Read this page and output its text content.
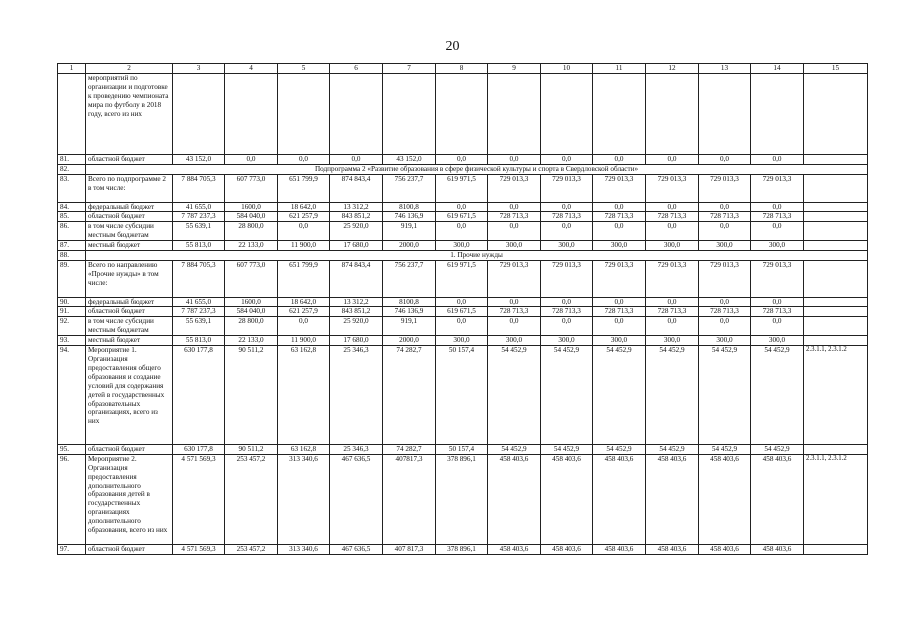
20
1	2	3	4	5	6	7	8	9	10	11	12	13	14	15
	мероприятий по организации и подготовке к проведению чемпионата мира по футболу в 2018 году, всего из них													
81.	областной бюджет	43 152,0	0,0	0,0	0,0	43 152,0	0,0	0,0	0,0	0,0	0,0	0,0	0,0	
82.	Подпрограмма 2 «Развитие образования в сфере физической культуры и спорта в Свердловской области»													
83.	Всего по подпрограмме 2 в том числе:	7 884 705,3	607 773,0	651 799,9	874 843,4	756 237,7	619 971,5	729 013,3	729 013,3	729 013,3	729 013,3	729 013,3	729 013,3	
84.	федеральный бюджет	41 655,0	1600,0	18 642,0	13 312,2	8100,8	0,0	0,0	0,0	0,0	0,0	0,0	0,0	
85.	областной бюджет	7 787 237,3	584 040,0	621 257,9	843 851,2	746 136,9	619 671,5	728 713,3	728 713,3	728 713,3	728 713,3	728 713,3	728 713,3	
86.	в том числе субсидии местным бюджетам	55 639,1	28 800,0	0,0	25 920,0	919,1	0,0	0,0	0,0	0,0	0,0	0,0	0,0	
87.	местный бюджет	55 813,0	22 133,0	11 900,0	17 680,0	2000,0	300,0	300,0	300,0	300,0	300,0	300,0	300,0	
88.	1. Прочие нужды													
89.	Всего по направлению «Прочие нужды» в том числе:	7 884 705,3	607 773,0	651 799,9	874 843,4	756 237,7	619 971,5	729 013,3	729 013,3	729 013,3	729 013,3	729 013,3	729 013,3	
90.	федеральный бюджет	41 655,0	1600,0	18 642,0	13 312,2	8100,8	0,0	0,0	0,0	0,0	0,0	0,0	0,0	
91.	областной бюджет	7 787 237,3	584 040,0	621 257,9	843 851,2	746 136,9	619 671,5	728 713,3	728 713,3	728 713,3	728 713,3	728 713,3	728 713,3	
92.	в том числе субсидии местным бюджетам	55 639,1	28 800,0	0,0	25 920,0	919,1	0,0	0,0	0,0	0,0	0,0	0,0	0,0	
93.	местный бюджет	55 813,0	22 133,0	11 900,0	17 680,0	2000,0	300,0	300,0	300,0	300,0	300,0	300,0	300,0	
94.	Мероприятие 1. Организация предоставления общего образования и создание условий для содержания детей в государственных образовательных организациях, всего из них	630 177,8	90 511,2	63 162,8	25 346,3	74 282,7	50 157,4	54 452,9	54 452,9	54 452,9	54 452,9	54 452,9	54 452,9	2.3.1.1, 2.3.1.2
95.	областной бюджет	630 177,8	90 511,2	63 162,8	25 346,3	74 282,7	50 157,4	54 452,9	54 452,9	54 452,9	54 452,9	54 452,9	54 452,9	
96.	Мероприятие 2. Организация предоставления дополнительного образования детей в государственных организациях дополнительного образования, всего из них	4 571 569,3	253 457,2	313 340,6	467 636,5	407817,3	378 896,1	458 403,6	458 403,6	458 403,6	458 403,6	458 403,6	458 403,6	2.3.1.1, 2.3.1.2
97.	областной бюджет	4 571 569,3	253 457,2	313 340,6	467 636,5	407 817,3	378 896,1	458 403,6	458 403,6	458 403,6	458 403,6	458 403,6	458 403,6	
